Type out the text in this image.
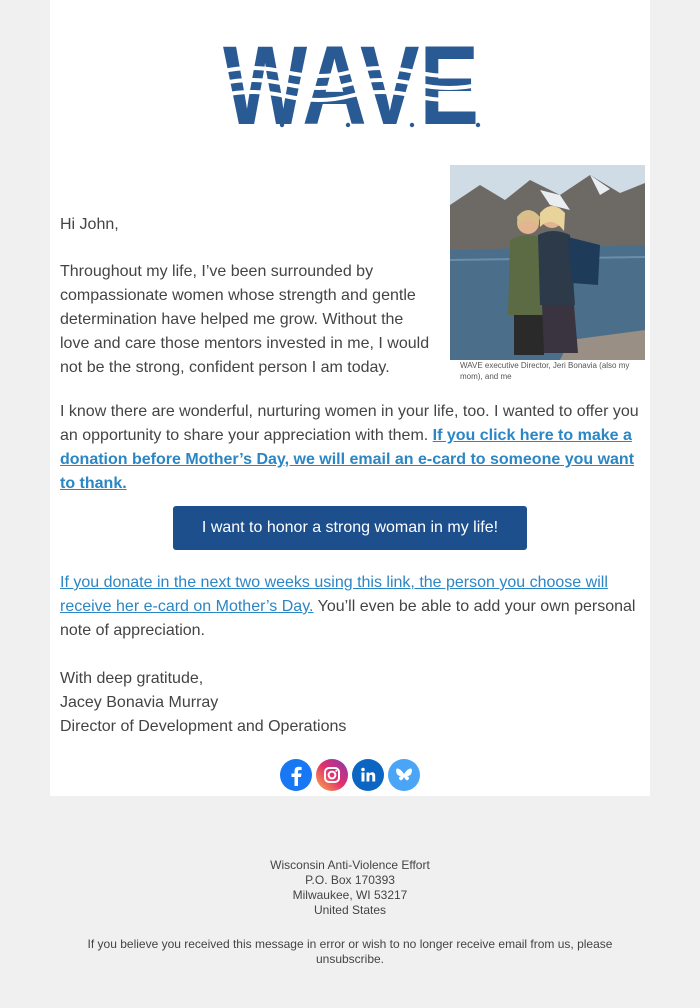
WAVE executive Director, Jeri Bonavia (also my mom), and me
Hi John,
Throughout my life, I’ve been surrounded by compassionate women whose strength and gentle determination have helped me grow. Without the love and care those mentors invested in me, I would not be the strong, confident person I am today.
I know there are wonderful, nurturing women in your life, too. I wanted to offer you an opportunity to share your appreciation with them. If you click here to make a donation before Mother’s Day, we will email an e-card to someone you want to thank.
I want to honor a strong woman in my life!
If you donate in the next two weeks using this link, the person you choose will receive her e-card on Mother’s Day. You’ll even be able to add your own personal note of appreciation.
With deep gratitude,
Jacey Bonavia Murray
Director of Development and Operations
Wisconsin Anti-Violence Effort
P.O. Box 170393
Milwaukee, WI 53217
United States
If you believe you received this message in error or wish to no longer receive email from us, please unsubscribe.
